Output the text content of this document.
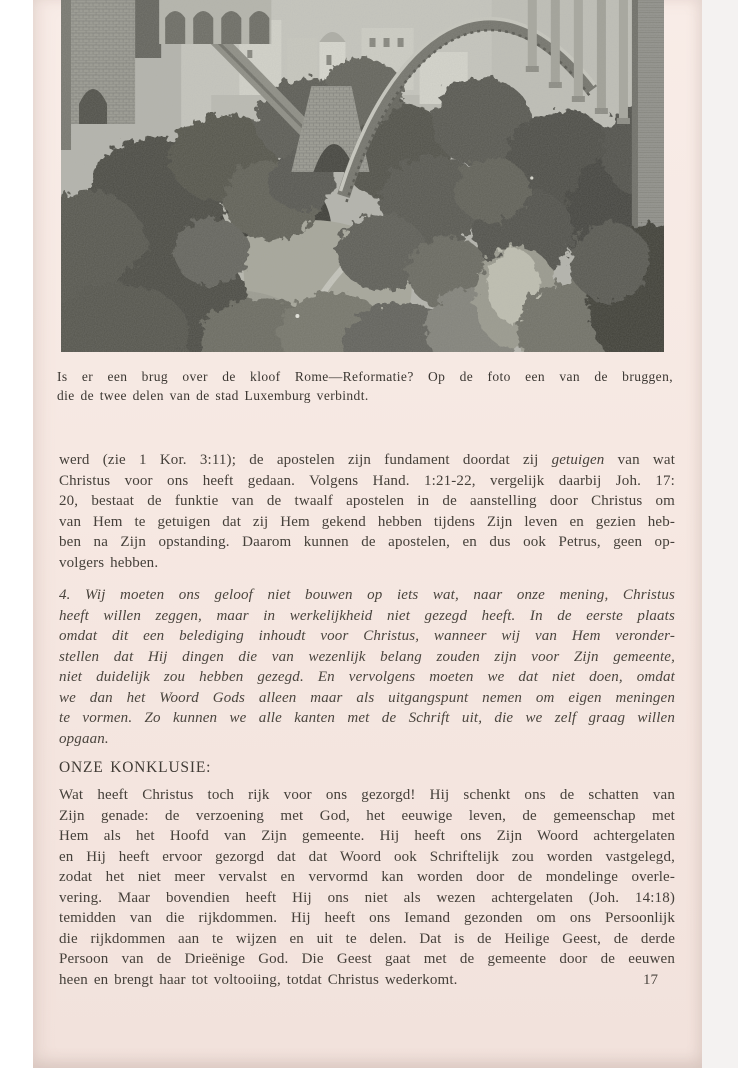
Is er een brug over de kloof Rome—Reformatie? Op de foto een van de bruggen,
die de twee delen van de stad Luxemburg verbindt.
werd (zie 1 Kor. 3:11); de apostelen zijn fundament doordat zij getuigen van wat
Christus voor ons heeft gedaan. Volgens Hand. 1:21-22, vergelijk daarbij Joh. 17:
20, bestaat de funktie van de twaalf apostelen in de aanstelling door Christus om
van Hem te getuigen dat zij Hem gekend hebben tijdens Zijn leven en gezien heb-
ben na Zijn opstanding. Daarom kunnen de apostelen, en dus ook Petrus, geen op-
volgers hebben.
4. Wij moeten ons geloof niet bouwen op iets wat, naar onze mening, Christus
heeft willen zeggen, maar in werkelijkheid niet gezegd heeft. In de eerste plaats
omdat dit een belediging inhoudt voor Christus, wanneer wij van Hem veronder-
stellen dat Hij dingen die van wezenlijk belang zouden zijn voor Zijn gemeente,
niet duidelijk zou hebben gezegd. En vervolgens moeten we dat niet doen, omdat
we dan het Woord Gods alleen maar als uitgangspunt nemen om eigen meningen
te vormen. Zo kunnen we alle kanten met de Schrift uit, die we zelf graag willen
opgaan.
ONZE KONKLUSIE:
Wat heeft Christus toch rijk voor ons gezorgd! Hij schenkt ons de schatten van
Zijn genade: de verzoening met God, het eeuwige leven, de gemeenschap met
Hem als het Hoofd van Zijn gemeente. Hij heeft ons Zijn Woord achtergelaten
en Hij heeft ervoor gezorgd dat dat Woord ook Schriftelijk zou worden vastgelegd,
zodat het niet meer vervalst en vervormd kan worden door de mondelinge overle-
vering. Maar bovendien heeft Hij ons niet als wezen achtergelaten (Joh. 14:18)
temidden van die rijkdommen. Hij heeft ons Iemand gezonden om ons Persoonlijk
die rijkdommen aan te wijzen en uit te delen. Dat is de Heilige Geest, de derde
Persoon van de Drieënige God. Die Geest gaat met de gemeente door de eeuwen
heen en brengt haar tot voltooiing, totdat Christus wederkomt.	17
